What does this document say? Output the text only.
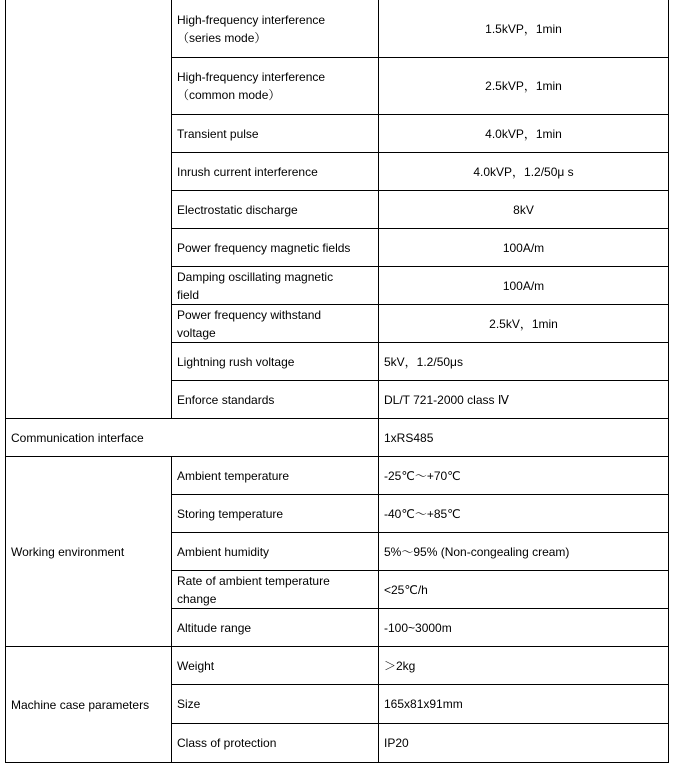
	High-frequency interference
（series mode）	1.5kVP，1min

	High-frequency interference
（common mode）	2.5kVP，1min
	Transient pulse	4.0kVP，1min
	Inrush current interference	4.0kVP，1.2/50μ s
	Electrostatic discharge	8kV
	Power frequency magnetic fields	100A/m

	Damping oscillating magnetic
field	100A/m

	Power frequency withstand
voltage	2.5kV，1min
	Lightning rush voltage	5kV，1.2/50μs
	Enforce standards	DL/T 721-2000 class Ⅳ
Communication interface		1xRS485
Working environment	Ambient temperature	-25℃～+70℃
	Storing temperature	-40℃～+85℃
	Ambient humidity	5%～95% (Non-congealing cream)

	Rate of ambient temperature
change	<25℃/h
	Altitude range	-100~3000m
Machine case parameters	Weight	＞2kg
	Size	165x81x91mm
	Class of protection	IP20
